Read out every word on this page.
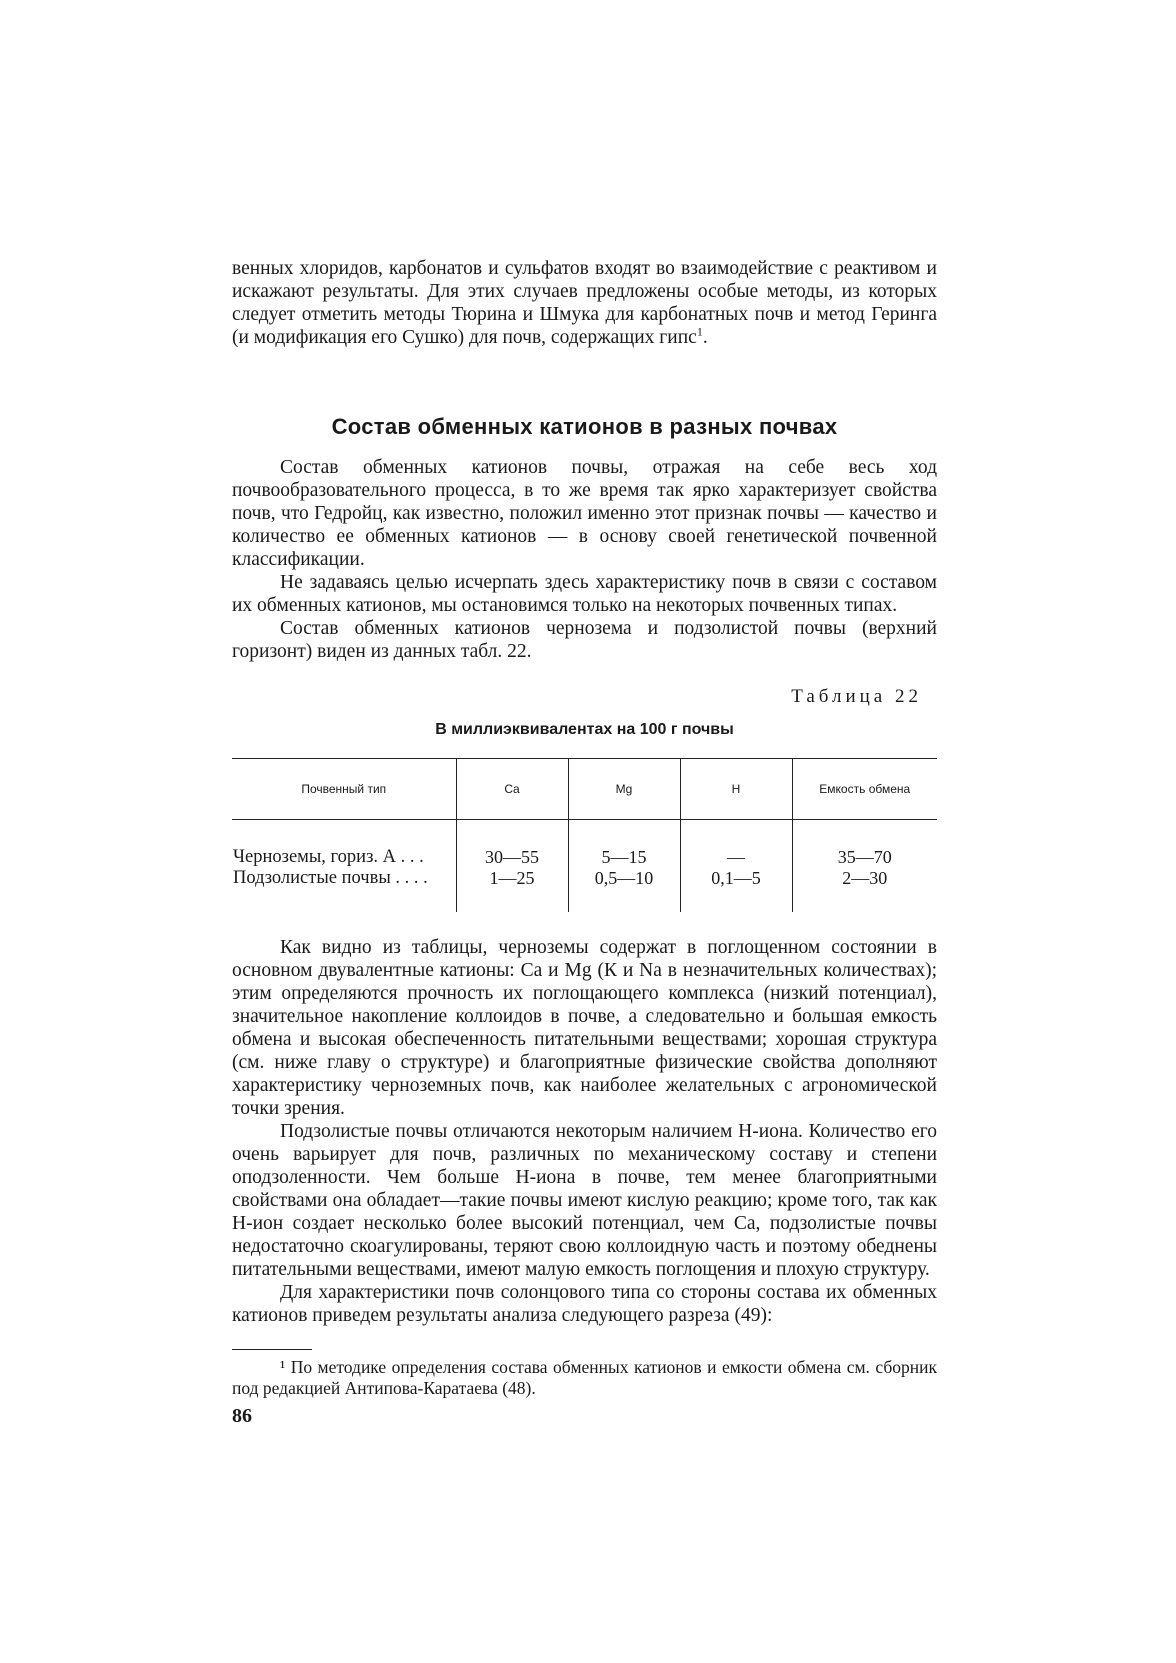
венных хлоридов, карбонатов и сульфатов входят во взаимодействие с реактивом и искажают результаты. Для этих случаев предложены особые методы, из которых следует отметить методы Тюрина и Шмука для карбонатных почв и метод Геринга (и модификация его Сушко) для почв, содержащих гипс$^1$.

Состав обменных катионов в разных почвах

Состав обменных катионов почвы, отражая на себе весь ход почвообразовательного процесса, в то же время так ярко характеризует свойства почв, что Гедройц, как известно, положил именно этот признак почвы — качество и количество ее обменных катионов — в основу своей генетической почвенной классификации.

Не задаваясь целью исчерпать здесь характеристику почв в связи с составом их обменных катионов, мы остановимся только на некоторых почвенных типах.

Состав обменных катионов чернозема и подзолистой почвы (верхний горизонт) виден из данных табл. 22.

Таблица 22
В миллиэквивалентах на 100 г почвы
Почвенный тип	Ca	Mg	H	Емкость обмена
Черноземы, гориз. А . . .	30—55	5—15	—	35—70
Подзолистые почвы . . . .	1—25	0,5—10	0,1—5	2—30

Как видно из таблицы, черноземы содержат в поглощенном состоянии в основном двувалентные катионы: Са и Mg (К и Na в незначительных количествах); этим определяются прочность их поглощающего комплекса (низкий потенциал), значительное накопление коллоидов в почве, а следовательно и большая емкость обмена и высокая обеспеченность питательными веществами; хорошая структура (см. ниже главу о структуре) и благоприятные физические свойства дополняют характеристику черноземных почв, как наиболее желательных с агрономической точки зрения.

Подзолистые почвы отличаются некоторым наличием Н-иона. Количество его очень варьирует для почв, различных по механическому составу и степени оподзоленности. Чем больше Н-иона в почве, тем менее благоприятными свойствами она обладает—такие почвы имеют кислую реакцию; кроме того, так как Н-ион создает несколько более высокий потенциал, чем Са, подзолистые почвы недостаточно скоагулированы, теряют свою коллоидную часть и поэтому обеднены питательными веществами, имеют малую емкость поглощения и плохую структуру.

Для характеристики почв солонцового типа со стороны состава их обменных катионов приведем результаты анализа следующего разреза (49):

¹ По методике определения состава обменных катионов и емкости обмена см. сборник под редакцией Антипова-Каратаева (48).

86
